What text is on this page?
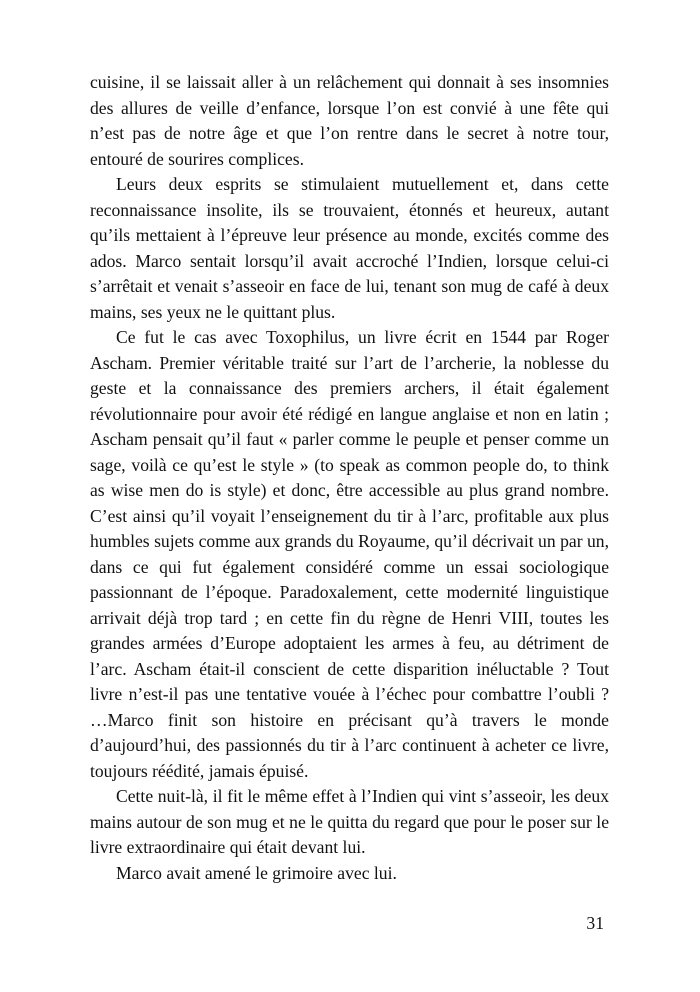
cuisine, il se laissait aller à un relâchement qui donnait à ses insomnies des allures de veille d’enfance, lorsque l’on est convié à une fête qui n’est pas de notre âge et que l’on rentre dans le secret à notre tour, entouré de sourires complices.

Leurs deux esprits se stimulaient mutuellement et, dans cette reconnaissance insolite, ils se trouvaient, étonnés et heureux, autant qu’ils mettaient à l’épreuve leur présence au monde, excités comme des ados. Marco sentait lorsqu’il avait accroché l’Indien, lorsque celui-ci s’arrêtait et venait s’asseoir en face de lui, tenant son mug de café à deux mains, ses yeux ne le quittant plus.

Ce fut le cas avec Toxophilus, un livre écrit en 1544 par Roger Ascham. Premier véritable traité sur l’art de l’archerie, la noblesse du geste et la connaissance des premiers archers, il était également révolutionnaire pour avoir été rédigé en langue anglaise et non en latin ; Ascham pensait qu’il faut « parler comme le peuple et penser comme un sage, voilà ce qu’est le style » (to speak as common people do, to think as wise men do is style) et donc, être accessible au plus grand nombre. C’est ainsi qu’il voyait l’enseignement du tir à l’arc, profitable aux plus humbles sujets comme aux grands du Royaume, qu’il décrivait un par un, dans ce qui fut également considéré comme un essai sociologique passionnant de l’époque. Paradoxalement, cette modernité linguistique arrivait déjà trop tard ; en cette fin du règne de Henri VIII, toutes les grandes armées d’Europe adoptaient les armes à feu, au détriment de l’arc. Ascham était-il conscient de cette disparition inéluctable ? Tout livre n’est-il pas une tentative vouée à l’échec pour combattre l’oubli ? …Marco finit son histoire en précisant qu’à travers le monde d’aujourd’hui, des passionnés du tir à l’arc continuent à acheter ce livre, toujours réédité, jamais épuisé.

Cette nuit-là, il fit le même effet à l’Indien qui vint s’asseoir, les deux mains autour de son mug et ne le quitta du regard que pour le poser sur le livre extraordinaire qui était devant lui.

Marco avait amené le grimoire avec lui.

31
